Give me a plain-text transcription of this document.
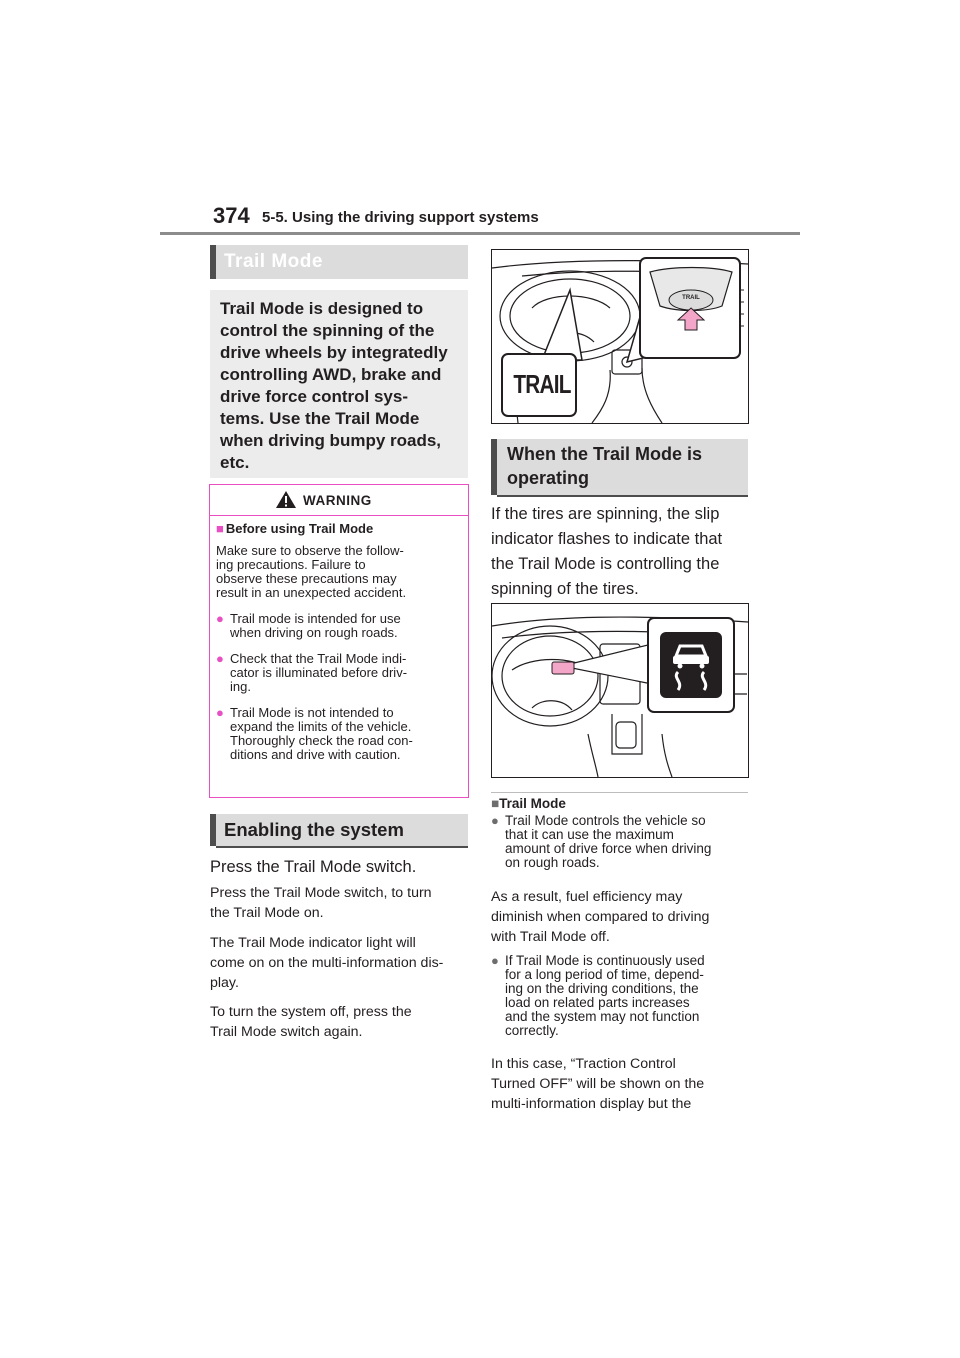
374 5-5. Using the driving support systems
Trail Mode
Trail Mode is designed to
control the spinning of the
drive wheels by integratedly
controlling AWD, brake and
drive force control sys-
tems. Use the Trail Mode
when driving bumpy roads,
etc.
WARNING
■ Before using Trail Mode
Make sure to observe the follow-
ing precautions. Failure to
observe these precautions may
result in an unexpected accident.
● Trail mode is intended for use
when driving on rough roads.
● Check that the Trail Mode indi-
cator is illuminated before driv-
ing.
● Trail Mode is not intended to
expand the limits of the vehicle.
Thoroughly check the road con-
ditions and drive with caution.
Enabling the system
Press the Trail Mode switch.
Press the Trail Mode switch, to turn
the Trail Mode on.
The Trail Mode indicator light will
come on on the multi-information dis-
play.
To turn the system off, press the
Trail Mode switch again.
TRAIL
TRAIL
When the Trail Mode is
operating
If the tires are spinning, the slip
indicator flashes to indicate that
the Trail Mode is controlling the
spinning of the tires.
■Trail Mode
● Trail Mode controls the vehicle so
that it can use the maximum
amount of drive force when driving
on rough roads.
As a result, fuel efficiency may
diminish when compared to driving
with Trail Mode off.
● If Trail Mode is continuously used
for a long period of time, depend-
ing on the driving conditions, the
load on related parts increases
and the system may not function
correctly.
In this case, “Traction Control
Turned OFF” will be shown on the
multi-information display but the
